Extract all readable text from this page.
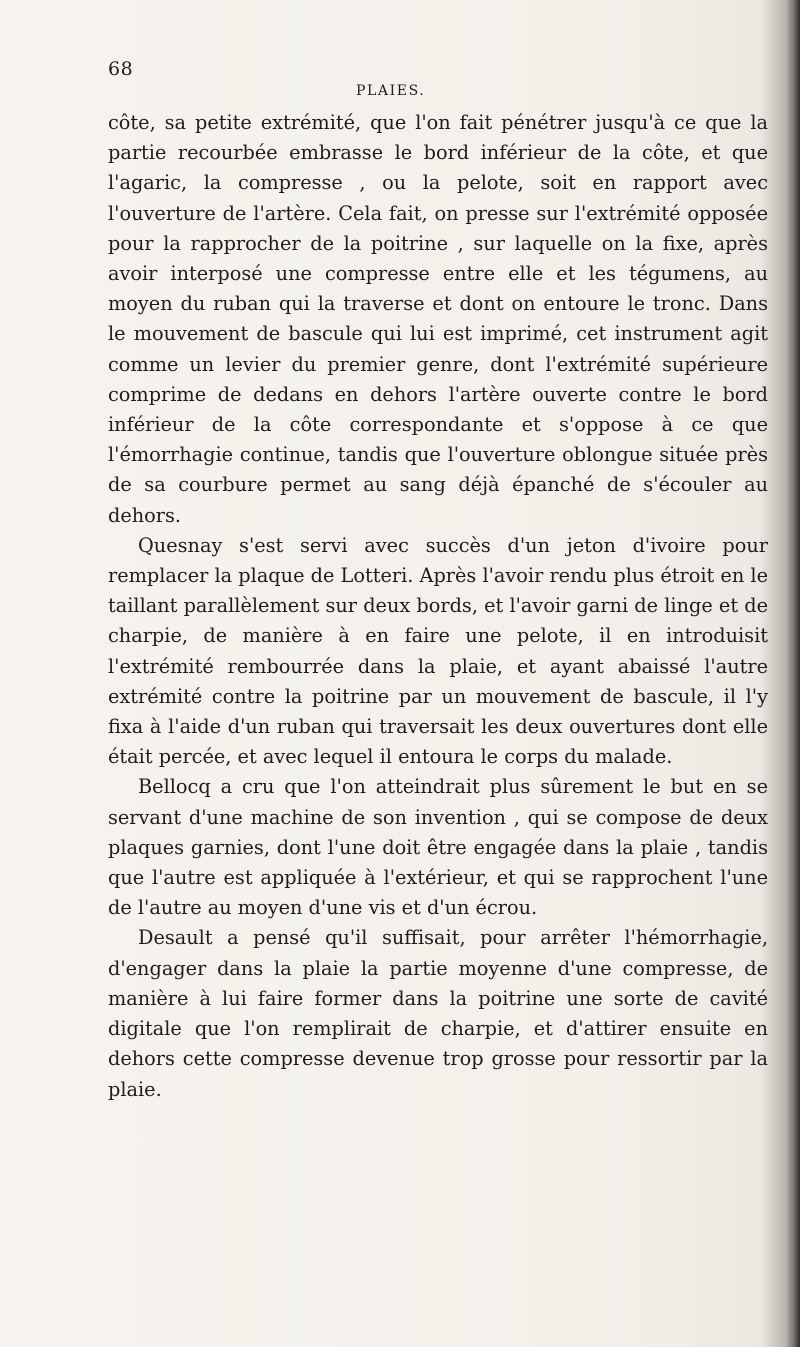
68
PLAIES.

côte, sa petite extrémité, que l'on fait pénétrer jusqu'à ce que la partie recourbée embrasse le bord inférieur de la côte, et que l'agaric, la compresse , ou la pelote, soit en rapport avec l'ouverture de l'artère. Cela fait, on presse sur l'extrémité opposée pour la rapprocher de la poitrine , sur laquelle on la fixe, après avoir interposé une compresse entre elle et les tégumens, au moyen du ruban qui la traverse et dont on entoure le tronc. Dans le mouvement de bascule qui lui est imprimé, cet instrument agit comme un levier du premier genre, dont l'extrémité supérieure comprime de dedans en dehors l'artère ouverte contre le bord inférieur de la côte correspondante et s'oppose à ce que l'émorrhagie continue, tandis que l'ouverture oblongue située près de sa courbure permet au sang déjà épanché de s'écouler au dehors.

Quesnay s'est servi avec succès d'un jeton d'ivoire pour remplacer la plaque de Lotteri. Après l'avoir rendu plus étroit en le taillant parallèlement sur deux bords, et l'avoir garni de linge et de charpie, de manière à en faire une pelote, il en introduisit l'extrémité rembourrée dans la plaie, et ayant abaissé l'autre extrémité contre la poitrine par un mouvement de bascule, il l'y fixa à l'aide d'un ruban qui traversait les deux ouvertures dont elle était percée, et avec lequel il entoura le corps du malade.

Bellocq a cru que l'on atteindrait plus sûrement le but en se servant d'une machine de son invention , qui se compose de deux plaques garnies, dont l'une doit être engagée dans la plaie , tandis que l'autre est appliquée à l'extérieur, et qui se rapprochent l'une de l'autre au moyen d'une vis et d'un écrou.

Desault a pensé qu'il suffisait, pour arrêter l'hémorrhagie, d'engager dans la plaie la partie moyenne d'une compresse, de manière à lui faire former dans la poitrine une sorte de cavité digitale que l'on remplirait de charpie, et d'attirer ensuite en dehors cette compresse devenue trop grosse pour ressortir par la plaie.
